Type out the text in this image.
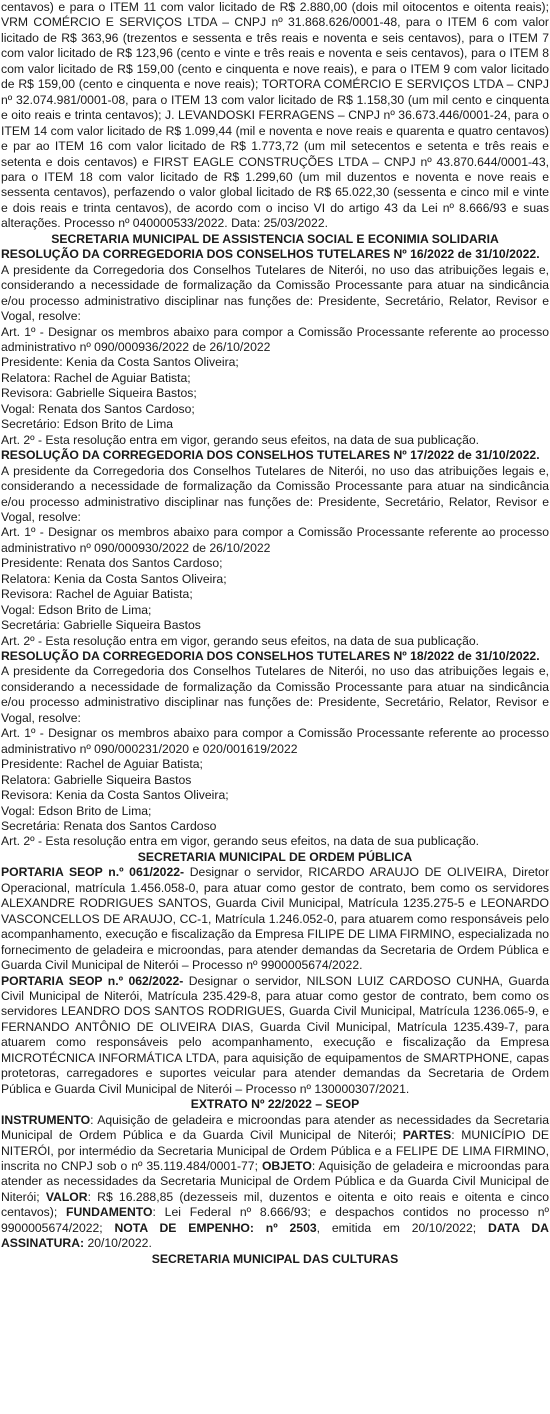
centavos) e para o ITEM 11 com valor licitado de R$ 2.880,00 (dois mil oitocentos e oitenta reais); VRM COMÉRCIO E SERVIÇOS LTDA – CNPJ nº 31.868.626/0001-48, para o ITEM 6 com valor licitado de R$ 363,96 (trezentos e sessenta e três reais e noventa e seis centavos), para o ITEM 7 com valor licitado de R$ 123,96 (cento e vinte e três reais e noventa e seis centavos), para o ITEM 8 com valor licitado de R$ 159,00 (cento e cinquenta e nove reais), e para o ITEM 9 com valor licitado de R$ 159,00 (cento e cinquenta e nove reais); TORTORA COMÉRCIO E SERVIÇOS LTDA – CNPJ nº 32.074.981/0001-08, para o ITEM 13 com valor licitado de R$ 1.158,30 (um mil cento e cinquenta e oito reais e trinta centavos); J. LEVANDOSKI FERRAGENS – CNPJ nº 36.673.446/0001-24, para o ITEM 14 com valor licitado de R$ 1.099,44 (mil e noventa e nove reais e quarenta e quatro centavos) e par ao ITEM 16 com valor licitado de R$ 1.773,72 (um mil setecentos e setenta e três reais e setenta e dois centavos) e FIRST EAGLE CONSTRUÇÕES LTDA – CNPJ nº 43.870.644/0001-43, para o ITEM 18 com valor licitado de R$ 1.299,60 (um mil duzentos e noventa e nove reais e sessenta centavos), perfazendo o valor global licitado de R$ 65.022,30 (sessenta e cinco mil e vinte e dois reais e trinta centavos), de acordo com o inciso VI do artigo 43 da Lei nº 8.666/93 e suas alterações. Processo nº 040000533/2022. Data: 25/03/2022.

SECRETARIA MUNICIPAL DE ASSISTENCIA SOCIAL E ECONIMIA SOLIDARIA

RESOLUÇÃO DA CORREGEDORIA DOS CONSELHOS TUTELARES Nº 16/2022 de 31/10/2022.

A presidente da Corregedoria dos Conselhos Tutelares de Niterói, no uso das atribuições legais e, considerando a necessidade de formalização da Comissão Processante para atuar na sindicância e/ou processo administrativo disciplinar nas funções de: Presidente, Secretário, Relator, Revisor e Vogal, resolve:

Art. 1º - Designar os membros abaixo para compor a Comissão Processante referente ao processo administrativo nº 090/000936/2022 de 26/10/2022

Presidente: Kenia da Costa Santos Oliveira;

Relatora: Rachel de Aguiar Batista;

Revisora: Gabrielle Siqueira Bastos;

Vogal: Renata dos Santos Cardoso;

Secretário: Edson Brito de Lima

Art. 2º - Esta resolução entra em vigor, gerando seus efeitos, na data de sua publicação.

RESOLUÇÃO DA CORREGEDORIA DOS CONSELHOS TUTELARES Nº 17/2022 de 31/10/2022.

A presidente da Corregedoria dos Conselhos Tutelares de Niterói, no uso das atribuições legais e, considerando a necessidade de formalização da Comissão Processante para atuar na sindicância e/ou processo administrativo disciplinar nas funções de: Presidente, Secretário, Relator, Revisor e Vogal, resolve:

Art. 1º - Designar os membros abaixo para compor a Comissão Processante referente ao processo administrativo nº 090/000930/2022 de 26/10/2022

Presidente: Renata dos Santos Cardoso;

Relatora: Kenia da Costa Santos Oliveira;

Revisora: Rachel de Aguiar Batista;

Vogal: Edson Brito de Lima;

Secretária: Gabrielle Siqueira Bastos

Art. 2º - Esta resolução entra em vigor, gerando seus efeitos, na data de sua publicação.

RESOLUÇÃO DA CORREGEDORIA DOS CONSELHOS TUTELARES Nº 18/2022 de 31/10/2022.

A presidente da Corregedoria dos Conselhos Tutelares de Niterói, no uso das atribuições legais e, considerando a necessidade de formalização da Comissão Processante para atuar na sindicância e/ou processo administrativo disciplinar nas funções de: Presidente, Secretário, Relator, Revisor e Vogal, resolve:

Art. 1º - Designar os membros abaixo para compor a Comissão Processante referente ao processo administrativo nº 090/000231/2020 e 020/001619/2022

Presidente: Rachel de Aguiar Batista;

Relatora: Gabrielle Siqueira Bastos

Revisora: Kenia da Costa Santos Oliveira;

Vogal: Edson Brito de Lima;

Secretária: Renata dos Santos Cardoso

Art. 2º - Esta resolução entra em vigor, gerando seus efeitos, na data de sua publicação.

SECRETARIA MUNICIPAL DE ORDEM PÚBLICA

PORTARIA SEOP n.º 061/2022- Designar o servidor, RICARDO ARAUJO DE OLIVEIRA, Diretor Operacional, matrícula 1.456.058-0, para atuar como gestor de contrato, bem como os servidores ALEXANDRE RODRIGUES SANTOS, Guarda Civil Municipal, Matrícula 1235.275-5 e LEONARDO VASCONCELLOS DE ARAUJO, CC-1, Matrícula 1.246.052-0, para atuarem como responsáveis pelo acompanhamento, execução e fiscalização da Empresa FILIPE DE LIMA FIRMINO, especializada no fornecimento de geladeira e microondas, para atender demandas da Secretaria de Ordem Pública e Guarda Civil Municipal de Niterói – Processo nº 9900005674/2022.

PORTARIA SEOP n.º 062/2022- Designar o servidor, NILSON LUIZ CARDOSO CUNHA, Guarda Civil Municipal de Niterói, Matrícula 235.429-8, para atuar como gestor de contrato, bem como os servidores LEANDRO DOS SANTOS RODRIGUES, Guarda Civil Municipal, Matrícula 1236.065-9, e FERNANDO ANTÔNIO DE OLIVEIRA DIAS, Guarda Civil Municipal, Matrícula 1235.439-7, para atuarem como responsáveis pelo acompanhamento, execução e fiscalização da Empresa MICROTÉCNICA INFORMÁTICA LTDA, para aquisição de equipamentos de SMARTPHONE, capas protetoras, carregadores e suportes veicular para atender demandas da Secretaria de Ordem Pública e Guarda Civil Municipal de Niterói – Processo nº 130000307/2021.

EXTRATO Nº 22/2022 – SEOP

INSTRUMENTO: Aquisição de geladeira e microondas para atender as necessidades da Secretaria Municipal de Ordem Pública e da Guarda Civil Municipal de Niterói; PARTES: MUNICÍPIO DE NITERÓI, por intermédio da Secretaria Municipal de Ordem Pública e a FELIPE DE LIMA FIRMINO, inscrita no CNPJ sob o nº 35.119.484/0001-77; OBJETO: Aquisição de geladeira e microondas para atender as necessidades da Secretaria Municipal de Ordem Pública e da Guarda Civil Municipal de Niterói; VALOR: R$ 16.288,85 (dezesseis mil, duzentos e oitenta e oito reais e oitenta e cinco centavos); FUNDAMENTO: Lei Federal nº 8.666/93; e despachos contidos no processo nº 9900005674/2022; NOTA DE EMPENHO: nº 2503, emitida em 20/10/2022; DATA DA ASSINATURA: 20/10/2022.

SECRETARIA MUNICIPAL DAS CULTURAS
